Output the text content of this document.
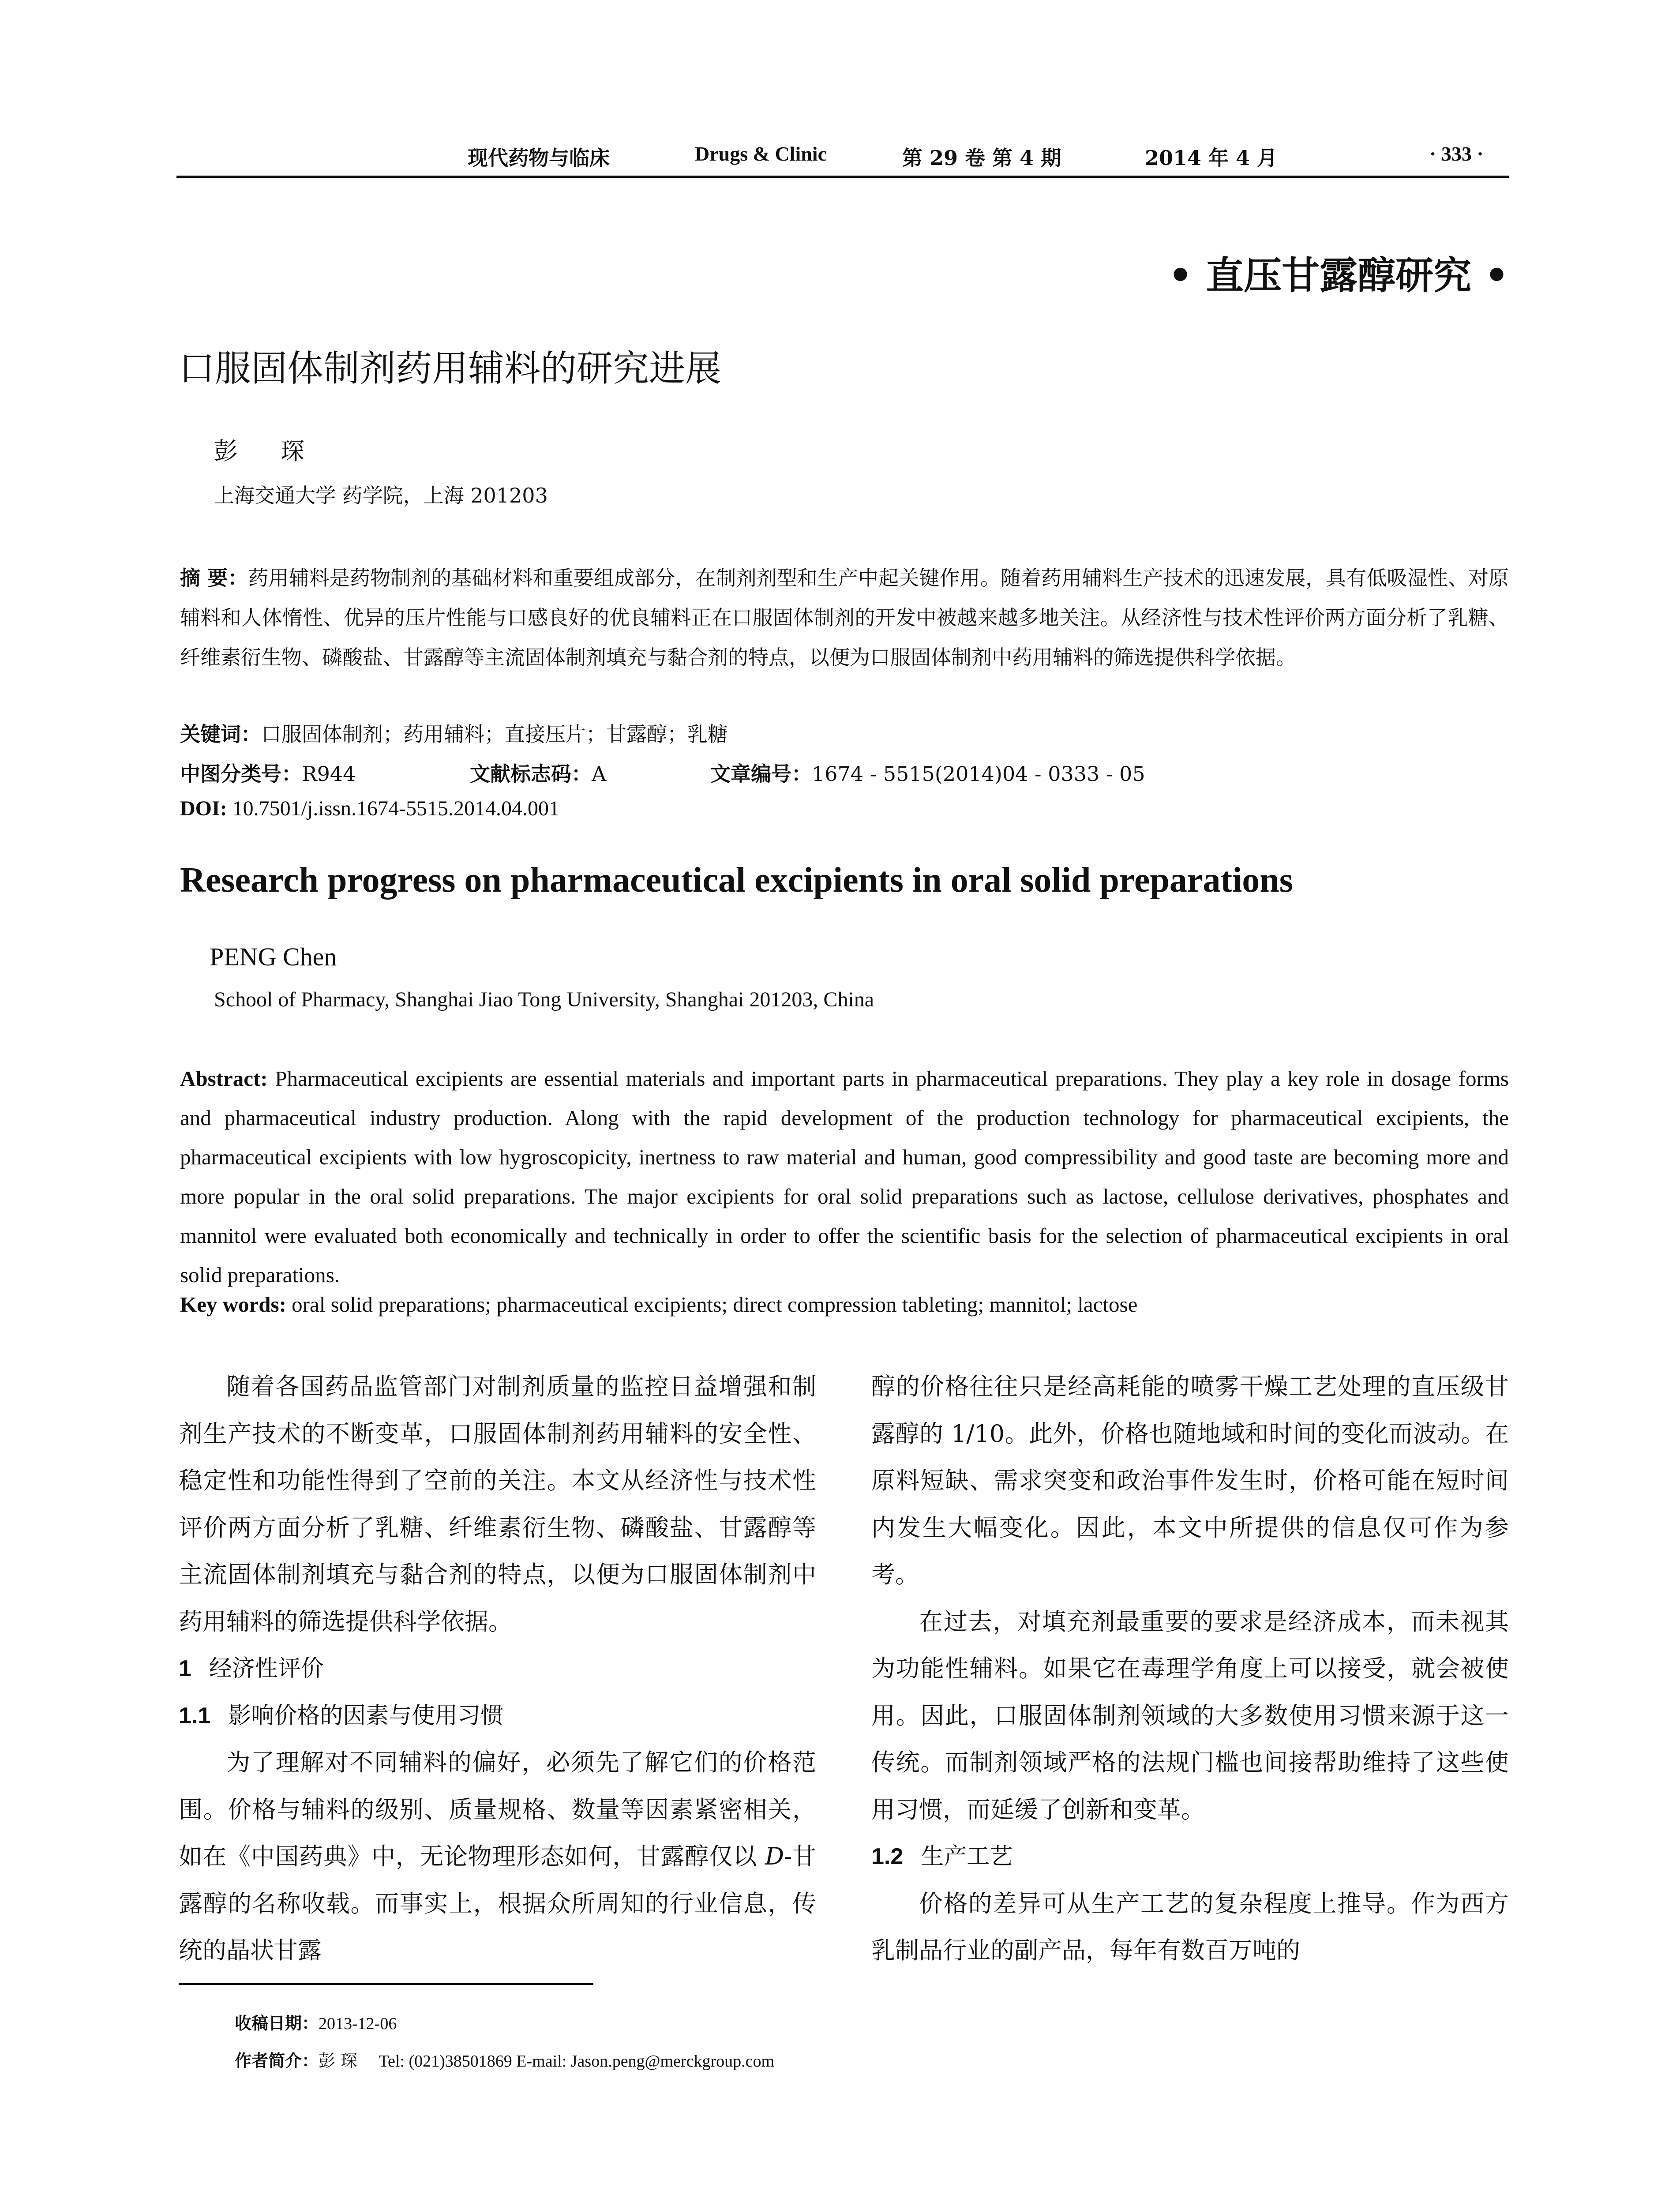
现代药物与临床	Drugs & Clinic	第 29 卷 第 4 期	2014 年 4 月	· 333 ·
• 直压甘露醇研究 •
口服固体制剂药用辅料的研究进展
彭 琛
上海交通大学 药学院，上海 201203
摘 要：药用辅料是药物制剂的基础材料和重要组成部分，在制剂剂型和生产中起关键作用。随着药用辅料生产技术的迅速发展，具有低吸湿性、对原辅料和人体惰性、优异的压片性能与口感良好的优良辅料正在口服固体制剂的开发中被越来越多地关注。从经济性与技术性评价两方面分析了乳糖、纤维素衍生物、磷酸盐、甘露醇等主流固体制剂填充与黏合剂的特点，以便为口服固体制剂中药用辅料的筛选提供科学依据。
关键词：口服固体制剂；药用辅料；直接压片；甘露醇；乳糖
中图分类号：R944	文献标志码：A	文章编号：1674 - 5515(2014)04 - 0333 - 05
DOI: 10.7501/j.issn.1674-5515.2014.04.001
Research progress on pharmaceutical excipients in oral solid preparations
PENG Chen
School of Pharmacy, Shanghai Jiao Tong University, Shanghai 201203, China
Abstract: Pharmaceutical excipients are essential materials and important parts in pharmaceutical preparations. They play a key role in dosage forms and pharmaceutical industry production. Along with the rapid development of the production technology for pharmaceutical excipients, the pharmaceutical excipients with low hygroscopicity, inertness to raw material and human, good compressibility and good taste are becoming more and more popular in the oral solid preparations. The major excipients for oral solid preparations such as lactose, cellulose derivatives, phosphates and mannitol were evaluated both economically and technically in order to offer the scientific basis for the selection of pharmaceutical excipients in oral solid preparations.
Key words: oral solid preparations; pharmaceutical excipients; direct compression tableting; mannitol; lactose

随着各国药品监管部门对制剂质量的监控日益增强和制剂生产技术的不断变革，口服固体制剂药用辅料的安全性、稳定性和功能性得到了空前的关注。本文从经济性与技术性评价两方面分析了乳糖、纤维素衍生物、磷酸盐、甘露醇等主流固体制剂填充与黏合剂的特点，以便为口服固体制剂中药用辅料的筛选提供科学依据。

1 经济性评价
1.1 影响价格的因素与使用习惯

为了理解对不同辅料的偏好，必须先了解它们的价格范围。价格与辅料的级别、质量规格、数量等因素紧密相关，如在《中国药典》中，无论物理形态如何，甘露醇仅以 D-甘露醇的名称收载。而事实上，根据众所周知的行业信息，传统的晶状甘露

醇的价格往往只是经高耗能的喷雾干燥工艺处理的直压级甘露醇的 1/10。此外，价格也随地域和时间的变化而波动。在原料短缺、需求突变和政治事件发生时，价格可能在短时间内发生大幅变化。因此，本文中所提供的信息仅可作为参考。

在过去，对填充剂最重要的要求是经济成本，而未视其为功能性辅料。如果它在毒理学角度上可以接受，就会被使用。因此，口服固体制剂领域的大多数使用习惯来源于这一传统。而制剂领域严格的法规门槛也间接帮助维持了这些使用习惯，而延缓了创新和变革。

1.2 生产工艺

价格的差异可从生产工艺的复杂程度上推导。作为西方乳制品行业的副产品，每年有数百万吨的

收稿日期：2013-12-06
作者简介：彭 琛 Tel: (021)38501869 E-mail: Jason.peng@merckgroup.com
